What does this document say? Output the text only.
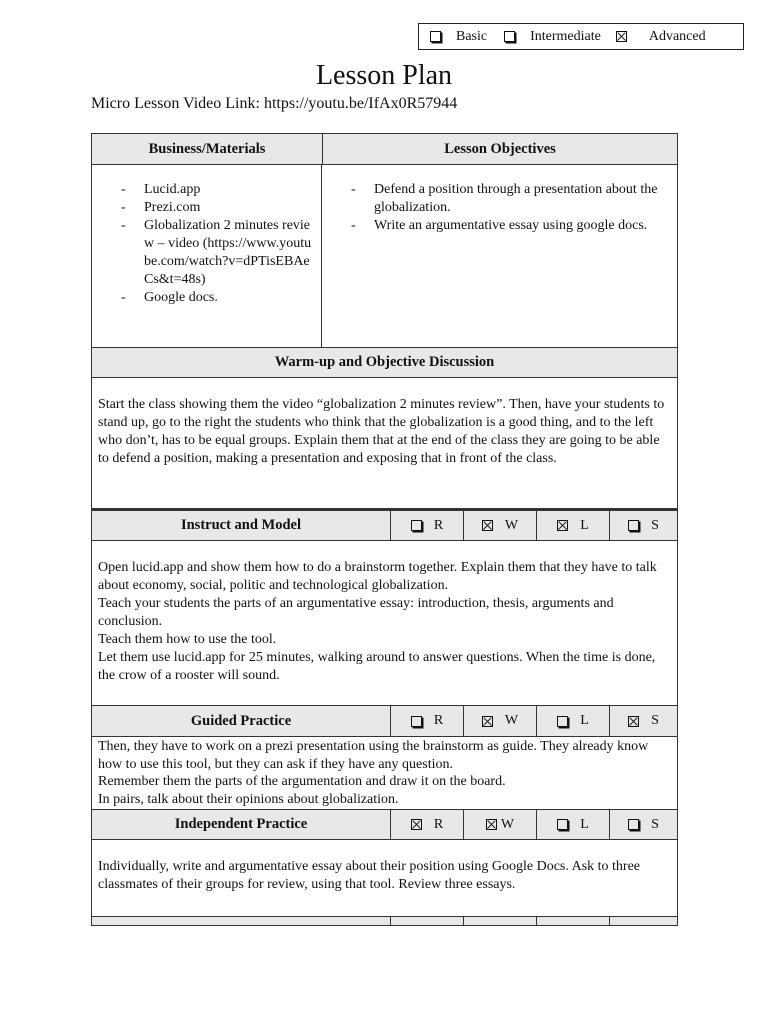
Basic	Intermediate	Advanced
Lesson Plan
Micro Lesson Video Link: https://youtu.be/IfAx0R57944
Business/Materials	Lesson Objectives
- Lucid.app
- Prezi.com
- Globalization 2 minutes review – video (https://www.youtube.com/watch?v=dPTisEBAeCs&t=48s)
- Google docs.
- Defend a position through a presentation about the globalization.
- Write an argumentative essay using google docs.
Warm-up and Objective Discussion
Start the class showing them the video “globalization 2 minutes review”. Then, have your students to stand up, go to the right the students who think that the globalization is a good thing, and to the left who don’t, has to be equal groups. Explain them that at the end of the class they are going to be able to defend a position, making a presentation and exposing that in front of the class.
Instruct and Model	R	W	L	S

Open lucid.app and show them how to do a brainstorm together. Explain them that they have to talk about economy, social, politic and technological globalization.

Teach your students the parts of an argumentative essay: introduction, thesis, arguments and conclusion.

Teach them how to use the tool.

Let them use lucid.app for 25 minutes, walking around to answer questions. When the time is done, the crow of a rooster will sound.

Guided Practice	R	W	L	S

Then, they have to work on a prezi presentation using the brainstorm as guide. They already know how to use this tool, but they can ask if they have any question.

Remember them the parts of the argumentation and draw it on the board.

In pairs, talk about their opinions about globalization.

Independent Practice	R	W	L	S

Individually, write and argumentative essay about their position using Google Docs. Ask to three classmates of their groups for review, using that tool. Review three essays.
